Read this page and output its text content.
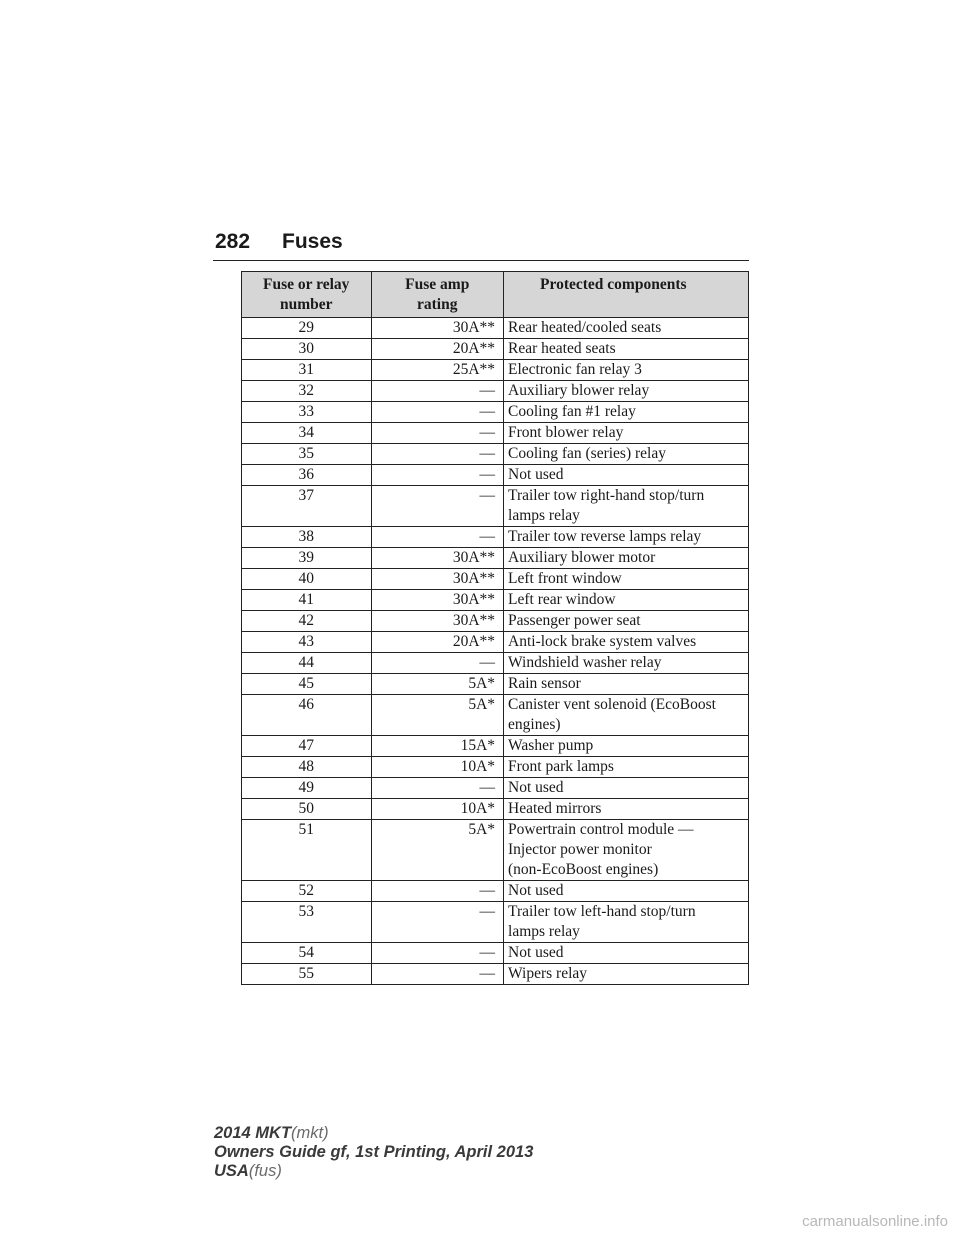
282 Fuses
Fuse or relay
number	Fuse amp
rating	Protected components
29	30A**	Rear heated/cooled seats

30	20A**	Rear heated seats

31	25A**	Electronic fan relay 3

32	—	Auxiliary blower relay

33	—	Cooling fan #1 relay

34	—	Front blower relay

35	—	Cooling fan (series) relay

36	—	Not used

37	—	Trailer tow right-hand stop/turn
lamps relay

38	—	Trailer tow reverse lamps relay

39	30A**	Auxiliary blower motor

40	30A**	Left front window

41	30A**	Left rear window

42	30A**	Passenger power seat

43	20A**	Anti-lock brake system valves

44	—	Windshield washer relay

45	5A*	Rain sensor

46	5A*	Canister vent solenoid (EcoBoost
engines)

47	15A*	Washer pump

48	10A*	Front park lamps

49	—	Not used

50	10A*	Heated mirrors

51	5A*	Powertrain control module —
Injector power monitor
(non-EcoBoost engines)

52	—	Not used

53	—	Trailer tow left-hand stop/turn
lamps relay

54	—	Not used

55	—	Wipers relay
2014 MKT(mkt)
Owners Guide gf, 1st Printing, April 2013
USA(fus)
carmanualsonline.info
